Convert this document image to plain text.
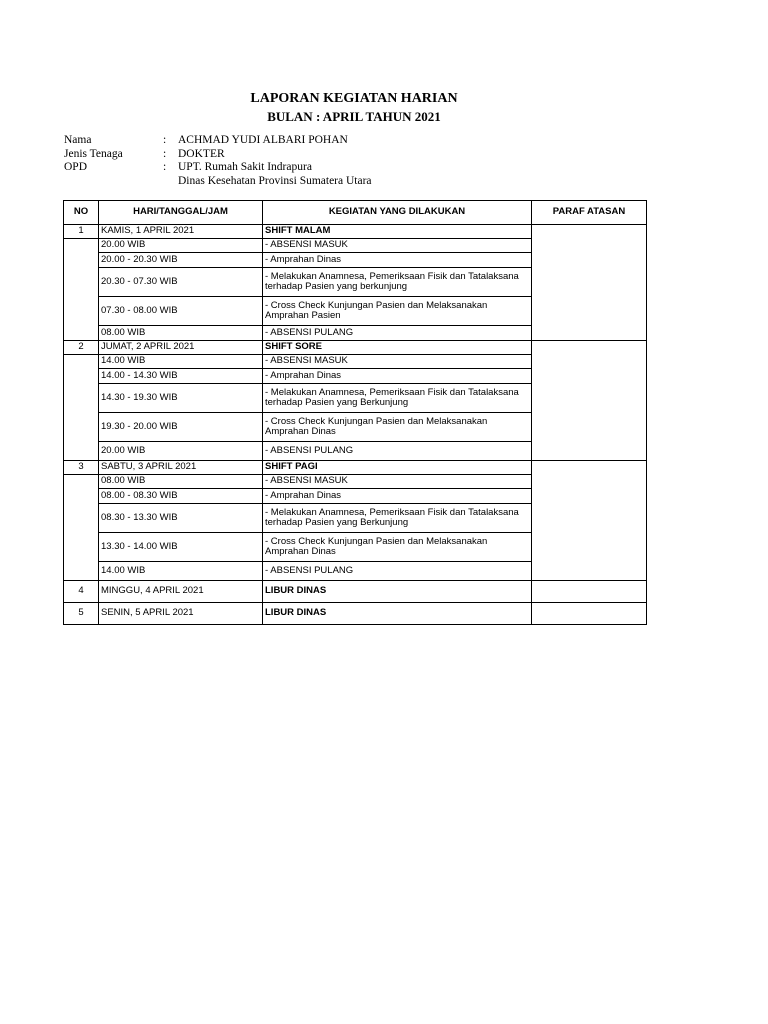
LAPORAN KEGIATAN HARIAN
BULAN : APRIL TAHUN 2021
Nama	: ACHMAD YUDI ALBARI POHAN
Jenis Tenaga	: DOKTER
OPD	: UPT. Rumah Sakit Indrapura
Dinas Kesehatan Provinsi Sumatera Utara
NO	HARI/TANGGAL/JAM	KEGIATAN YANG DILAKUKAN	PARAF ATASAN
1	KAMIS, 1 APRIL 2021	SHIFT MALAM	
	20.00 WIB	- ABSENSI MASUK	
	20.00 - 20.30 WIB	- Amprahan Dinas	
	20.30 - 07.30 WIB	- Melakukan Anamnesa, Pemeriksaan Fisik dan Tatalaksana terhadap Pasien yang berkunjung	
	07.30 - 08.00 WIB	- Cross Check Kunjungan Pasien dan Melaksanakan Amprahan Pasien	
	08.00 WIB	- ABSENSI PULANG	
2	JUMAT, 2 APRIL 2021	SHIFT SORE	
	14.00 WIB	- ABSENSI MASUK	
	14.00 - 14.30 WIB	- Amprahan Dinas	
	14.30 - 19.30 WIB	- Melakukan Anamnesa, Pemeriksaan Fisik dan Tatalaksana terhadap Pasien yang Berkunjung	
	19.30 - 20.00 WIB	- Cross Check Kunjungan Pasien dan Melaksanakan Amprahan Dinas	
	20.00 WIB	- ABSENSI PULANG	
3	SABTU, 3 APRIL 2021	SHIFT PAGI	
	08.00 WIB	- ABSENSI MASUK	
	08.00 - 08.30 WIB	- Amprahan Dinas	
	08.30 - 13.30 WIB	- Melakukan Anamnesa, Pemeriksaan Fisik dan Tatalaksana terhadap Pasien yang Berkunjung	
	13.30 - 14.00 WIB	- Cross Check Kunjungan Pasien dan Melaksanakan Amprahan Dinas	
	14.00 WIB	- ABSENSI PULANG	
4	MINGGU, 4 APRIL 2021	LIBUR DINAS	
5	SENIN, 5 APRIL 2021	LIBUR DINAS	
